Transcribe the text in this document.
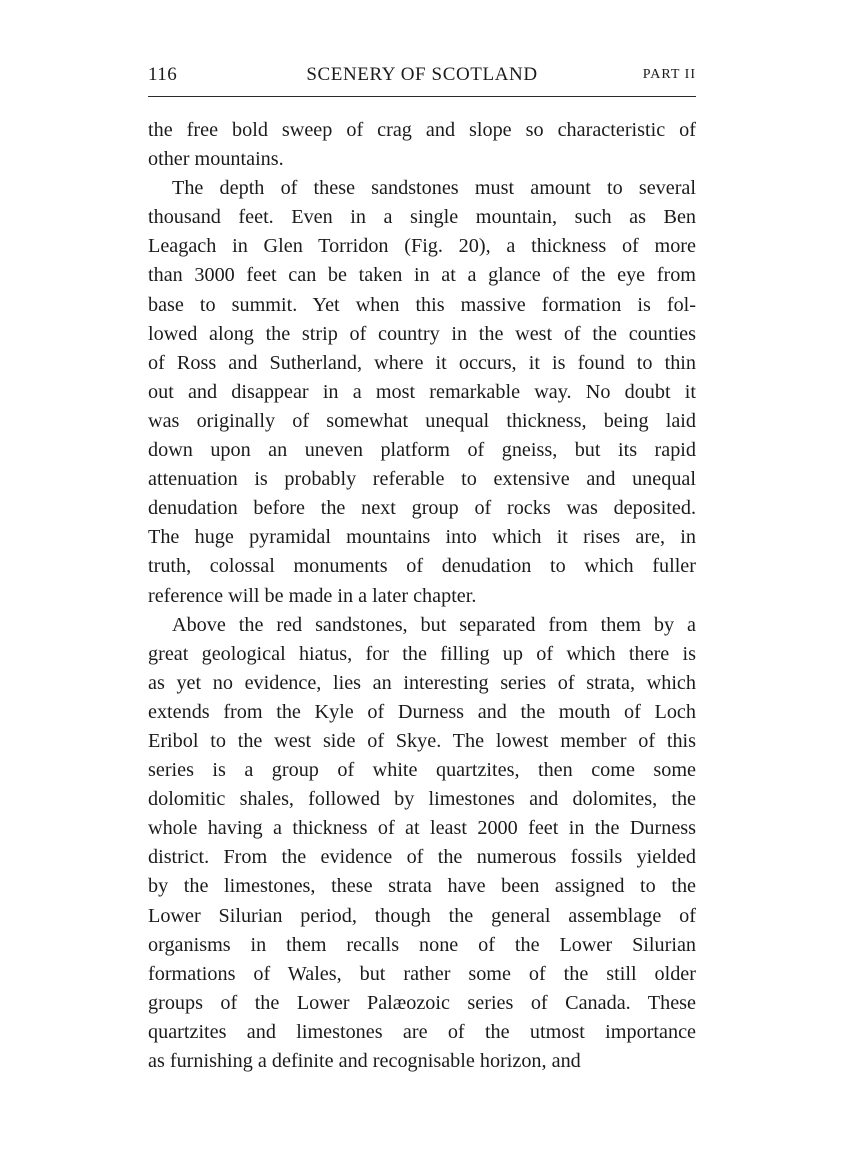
116	SCENERY OF SCOTLAND	PART II

the free bold sweep of crag and slope so characteristic of
other mountains.

The depth of these sandstones must amount to several
thousand feet. Even in a single mountain, such as Ben
Leagach in Glen Torridon (Fig. 20), a thickness of more
than 3000 feet can be taken in at a glance of the eye from
base to summit. Yet when this massive formation is fol-
lowed along the strip of country in the west of the counties
of Ross and Sutherland, where it occurs, it is found to thin
out and disappear in a most remarkable way. No doubt it
was originally of somewhat unequal thickness, being laid
down upon an uneven platform of gneiss, but its rapid
attenuation is probably referable to extensive and unequal
denudation before the next group of rocks was deposited.
The huge pyramidal mountains into which it rises are, in
truth, colossal monuments of denudation to which fuller
reference will be made in a later chapter.

Above the red sandstones, but separated from them by a
great geological hiatus, for the filling up of which there is
as yet no evidence, lies an interesting series of strata, which
extends from the Kyle of Durness and the mouth of Loch
Eribol to the west side of Skye. The lowest member of this
series is a group of white quartzites, then come some
dolomitic shales, followed by limestones and dolomites, the
whole having a thickness of at least 2000 feet in the Durness
district. From the evidence of the numerous fossils yielded
by the limestones, these strata have been assigned to the
Lower Silurian period, though the general assemblage of
organisms in them recalls none of the Lower Silurian
formations of Wales, but rather some of the still older
groups of the Lower Palæozoic series of Canada. These
quartzites and limestones are of the utmost importance
as furnishing a definite and recognisable horizon, and
